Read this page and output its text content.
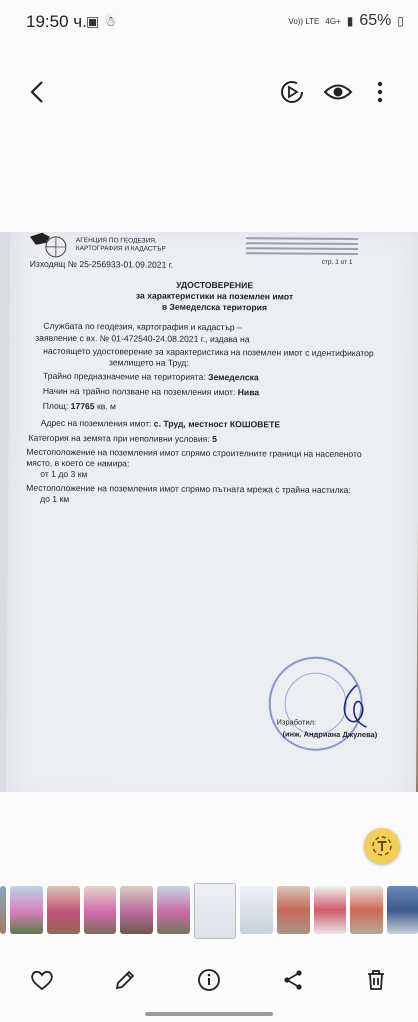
19:50 ч. ▣ ☃	Vo)) LTE 4G+ ▮ 65% ▯
АГЕНЦИЯ ПО ГЕОДЕЗИЯ, КАРТОГРАФИЯ И КАДАСТЪР
Изходящ № 25-256933-01.09.2021 г.	стр. 1 от 1
УДОСТОВЕРЕНИЕ
за характеристики на поземлен имот
в Земеделска територия
Службата по геодезия, картография и кадастър –
заявление с вх. № 01-472540-24.08.2021 г., издава на
настоящето удостоверение за характеристика на поземлен имот с идентификатор
землището на Труд:
Трайно предназначение на територията: Земеделска
Начин на трайно ползване на поземления имот: Нива
Площ: 17765 кв. м
Адрес на поземления имот: с. Труд, местност КОШОВЕТЕ
Категория на земята при неполивни условия: 5
Местоположение на поземления имот спрямо строителните граници на населеното
място, в което се намира:
от 1 до 3 км
Местоположение на поземления имот спрямо пътната мрежа с трайна настилка:
до 1 км
Изработил:
(инж. Андриана Джулева)
